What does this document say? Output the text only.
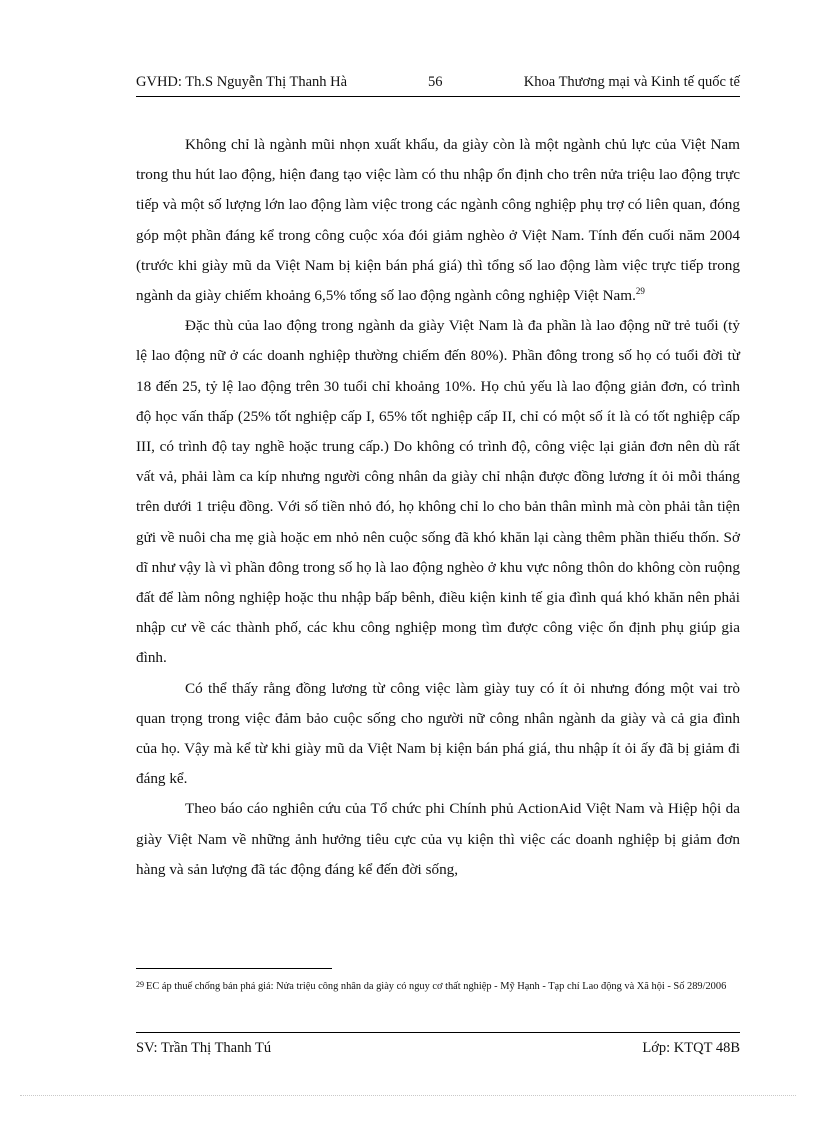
GVHD: Th.S Nguyễn Thị Thanh Hà	56	Khoa Thương mại và Kinh tế quốc tế

Không chỉ là ngành mũi nhọn xuất khẩu, da giày còn là một ngành chủ lực của Việt Nam trong thu hút lao động, hiện đang tạo việc làm có thu nhập ổn định cho trên nửa triệu lao động trực tiếp và một số lượng lớn lao động làm việc trong các ngành công nghiệp phụ trợ có liên quan, đóng góp một phần đáng kể trong công cuộc xóa đói giảm nghèo ở Việt Nam. Tính đến cuối năm 2004 (trước khi giày mũ da Việt Nam bị kiện bán phá giá) thì tổng số lao động làm việc trực tiếp trong ngành da giày chiếm khoảng 6,5% tổng số lao động ngành công nghiệp Việt Nam.$^{29}$

Đặc thù của lao động trong ngành da giày Việt Nam là đa phần là lao động nữ trẻ tuổi (tỷ lệ lao động nữ ở các doanh nghiệp thường chiếm đến 80%). Phần đông trong số họ có tuổi đời từ 18 đến 25, tỷ lệ lao động trên 30 tuổi chỉ khoảng 10%. Họ chủ yếu là lao động giản đơn, có trình độ học vấn thấp (25% tốt nghiệp cấp I, 65% tốt nghiệp cấp II, chỉ có một số ít là có tốt nghiệp cấp III, có trình độ tay nghề hoặc trung cấp.) Do không có trình độ, công việc lại giản đơn nên dù rất vất vả, phải làm ca kíp nhưng người công nhân da giày chỉ nhận được đồng lương ít ỏi mỗi tháng trên dưới 1 triệu đồng. Với số tiền nhỏ đó, họ không chỉ lo cho bản thân mình mà còn phải tằn tiện gửi về nuôi cha mẹ già hoặc em nhỏ nên cuộc sống đã khó khăn lại càng thêm phần thiếu thốn. Sở dĩ như vậy là vì phần đông trong số họ là lao động nghèo ở khu vực nông thôn do không còn ruộng đất để làm nông nghiệp hoặc thu nhập bấp bênh, điều kiện kinh tế gia đình quá khó khăn nên phải nhập cư về các thành phố, các khu công nghiệp mong tìm được công việc ổn định phụ giúp gia đình.

Có thể thấy rằng đồng lương từ công việc làm giày tuy có ít ỏi nhưng đóng một vai trò quan trọng trong việc đảm bảo cuộc sống cho người nữ công nhân ngành da giày và cả gia đình của họ. Vậy mà kể từ khi giày mũ da Việt Nam bị kiện bán phá giá, thu nhập ít ỏi ấy đã bị giảm đi đáng kể.

Theo báo cáo nghiên cứu của Tổ chức phi Chính phủ ActionAid Việt Nam và Hiệp hội da giày Việt Nam về những ảnh hưởng tiêu cực của vụ kiện thì việc các doanh nghiệp bị giảm đơn hàng và sản lượng đã tác động đáng kể đến đời sống,

29 EC áp thuế chống bán phá giá: Nửa triệu công nhân da giày có nguy cơ thất nghiệp - Mỹ Hạnh - Tạp chí Lao động và Xã hội - Số 289/2006
SV: Trần Thị Thanh Tú	Lớp: KTQT 48B
